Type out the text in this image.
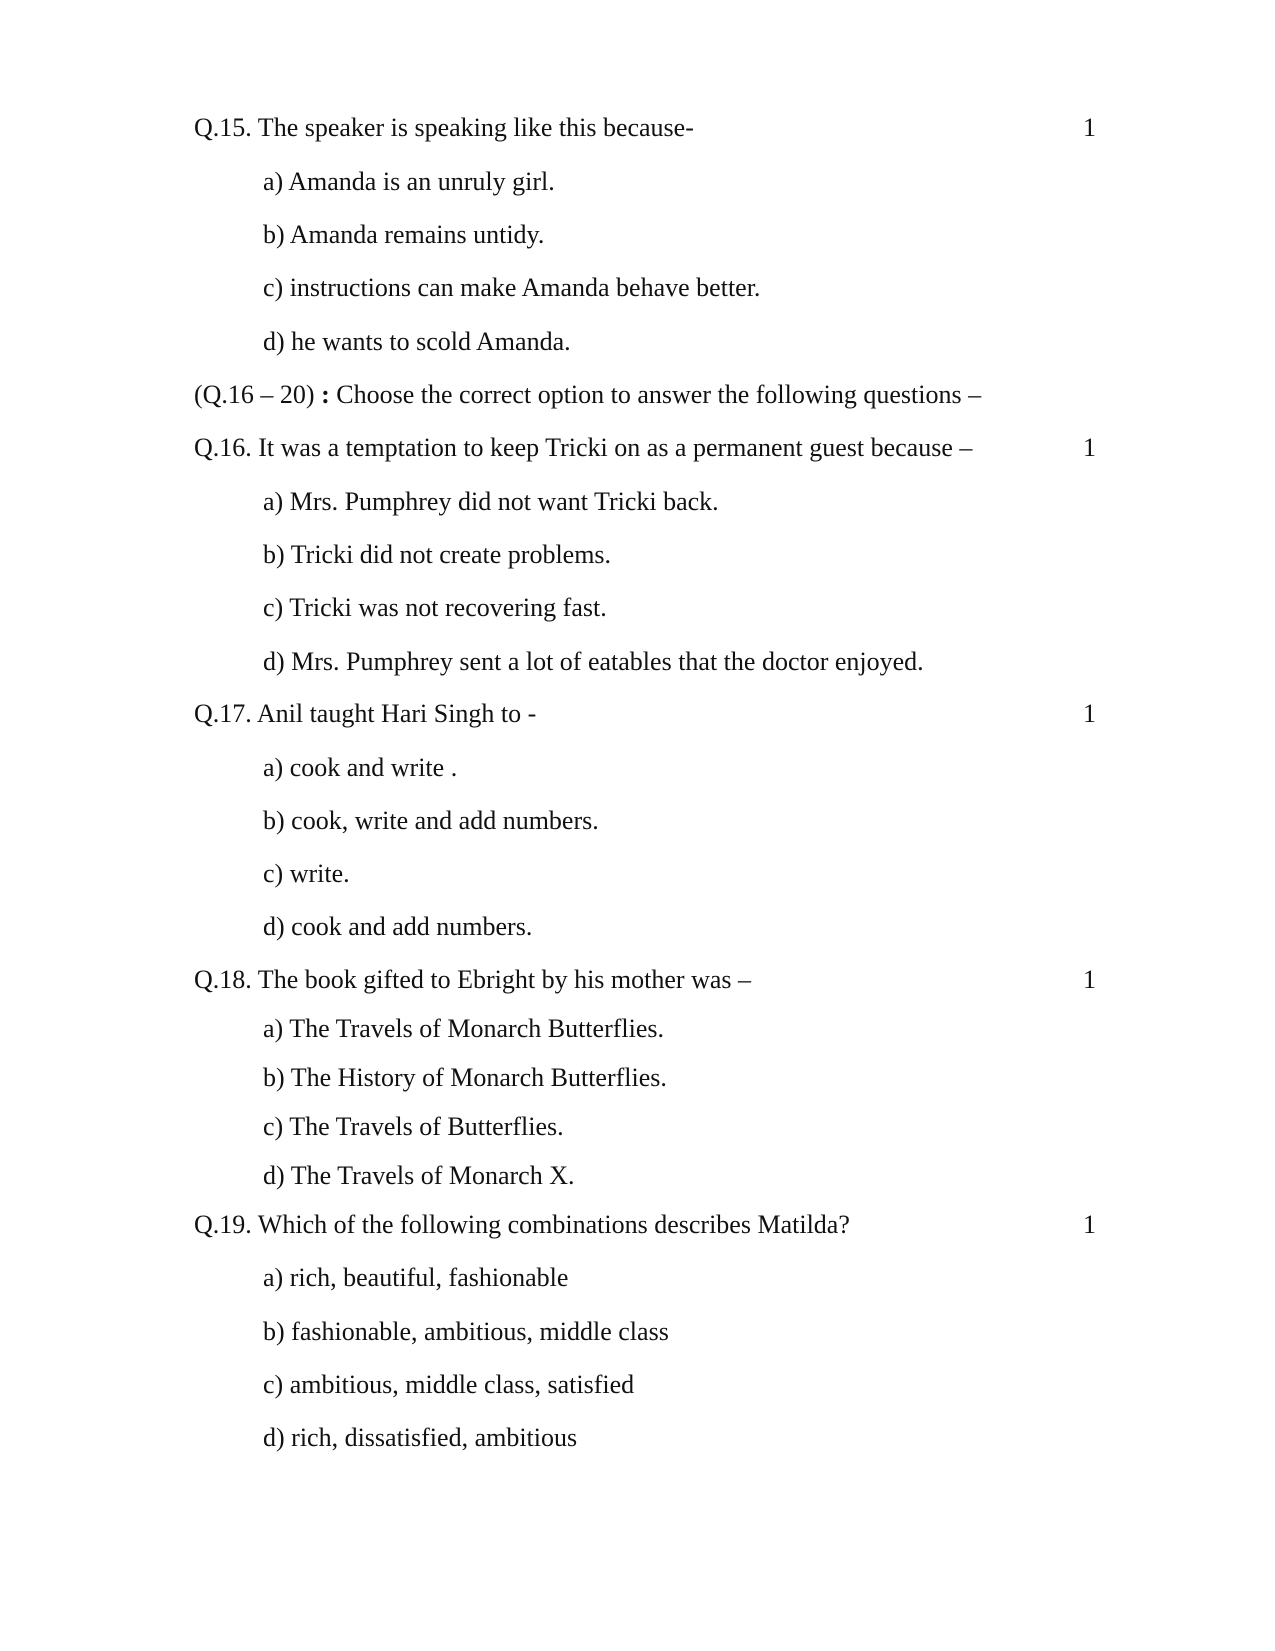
Q.15. The speaker is speaking like this because-	1
a) Amanda is an unruly girl.
b) Amanda remains untidy.
c) instructions can make Amanda behave better.
d) he wants to scold Amanda.
(Q.16 – 20) : Choose the correct option to answer the following questions –
Q.16. It was a temptation to keep Tricki on as a permanent guest because –	1
a) Mrs. Pumphrey did not want Tricki back.
b) Tricki did not create problems.
c) Tricki was not recovering fast.
d) Mrs. Pumphrey sent a lot of eatables that the doctor enjoyed.
Q.17. Anil taught Hari Singh to -	1
a) cook and write .
b) cook, write and add numbers.
c) write.
d) cook and add numbers.
Q.18. The book gifted to Ebright by his mother was –	1
a) The Travels of Monarch Butterflies.
b) The History of Monarch Butterflies.
c) The Travels of Butterflies.
d) The Travels of Monarch X.
Q.19. Which of the following combinations describes Matilda?	1
a) rich, beautiful, fashionable
b) fashionable, ambitious, middle class
c) ambitious, middle class, satisfied
d) rich, dissatisfied, ambitious
